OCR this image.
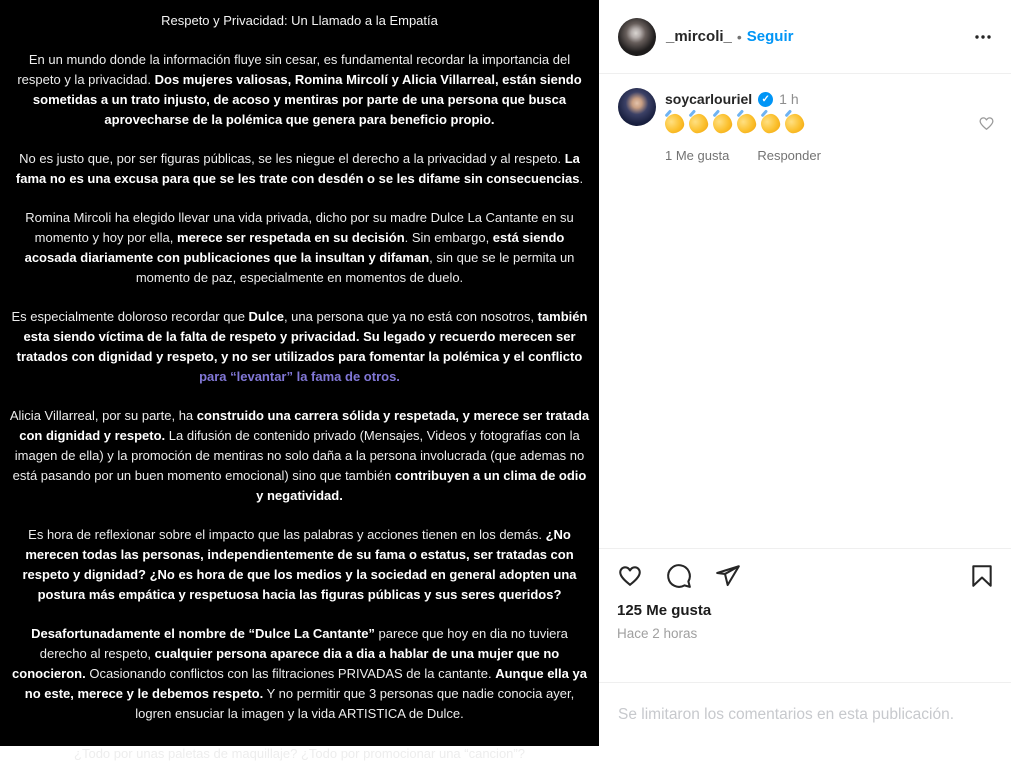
Respeto y Privacidad: Un Llamado a la Empatía

En un mundo donde la información fluye sin cesar, es fundamental recordar la importancia del respeto y la privacidad. Dos mujeres valiosas, Romina Mircolí y Alicia Villarreal, están siendo sometidas a un trato injusto, de acoso y mentiras por parte de una persona que busca aprovecharse de la polémica que genera para beneficio propio.

No es justo que, por ser figuras públicas, se les niegue el derecho a la privacidad y al respeto. La fama no es una excusa para que se les trate con desdén o se les difame sin consecuencias.

Romina Mircoli ha elegido llevar una vida privada, dicho por su madre Dulce La Cantante en su momento y hoy por ella, merece ser respetada en su decisión. Sin embargo, está siendo acosada diariamente con publicaciones que la insultan y difaman, sin que se le permita un momento de paz, especialmente en momentos de duelo.

Es especialmente doloroso recordar que Dulce, una persona que ya no está con nosotros, también esta siendo víctima de la falta de respeto y privacidad. Su legado y recuerdo merecen ser tratados con dignidad y respeto, y no ser utilizados para fomentar la polémica y el conflicto para “levantar” la fama de otros.

Alicia Villarreal, por su parte, ha construido una carrera sólida y respetada, y merece ser tratada con dignidad y respeto. La difusión de contenido privado (Mensajes, Videos y fotografías con la imagen de ella) y la promoción de mentiras no solo daña a la persona involucrada (que ademas no está pasando por un buen momento emocional) sino que también contribuyen a un clima de odio y negatividad.

Es hora de reflexionar sobre el impacto que las palabras y acciones tienen en los demás. ¿No merecen todas las personas, independientemente de su fama o estatus, ser tratadas con respeto y dignidad? ¿No es hora de que los medios y la sociedad en general adopten una postura más empática y respetuosa hacia las figuras públicas y sus seres queridos?

Desafortunadamente el nombre de “Dulce La Cantante” parece que hoy en dia no tuviera derecho al respeto, cualquier persona aparece dia a dia a hablar de una mujer que no conocieron. Ocasionando conflictos con las filtraciones PRIVADAS de la cantante. Aunque ella ya no este, merece y le debemos respeto. Y no permitir que 3 personas que nadie conocia ayer, logren ensuciar la imagen y la vida ARTISTICA de Dulce.

¿Todo por unas paletas de maquillaje? ¿Todo por promocionar una “cancion”?
_mircoli_ • Seguir
soycarlouriel ✓ 1 h
1 Me gusta Responder
125 Me gusta
Hace 2 horas
Se limitaron los comentarios en esta publicación.
